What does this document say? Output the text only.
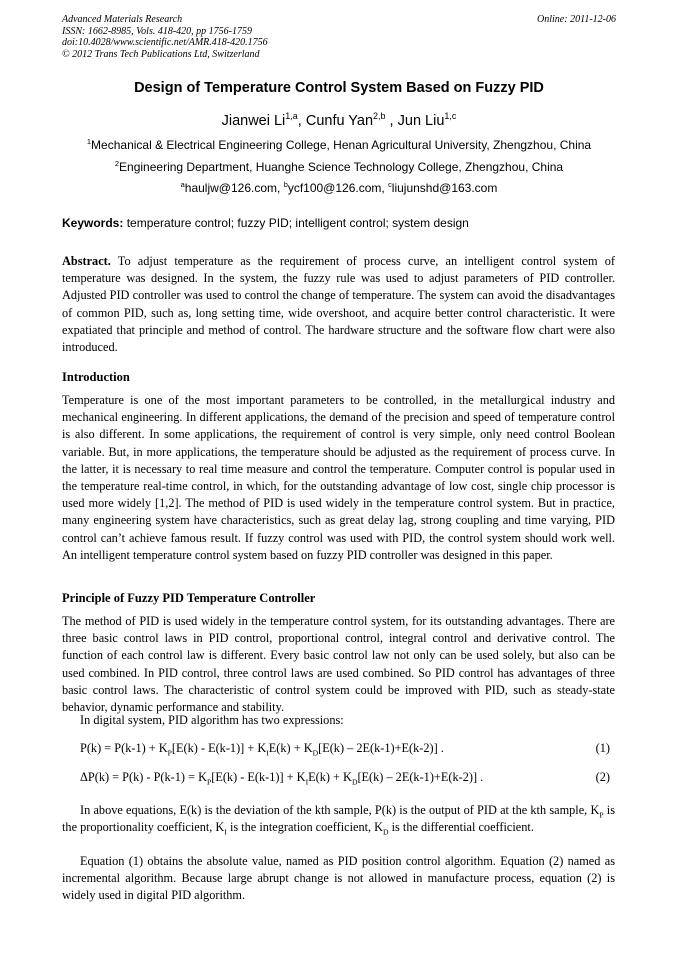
Advanced Materials Research
ISSN: 1662-8985, Vols. 418-420, pp 1756-1759
doi:10.4028/www.scientific.net/AMR.418-420.1756
© 2012 Trans Tech Publications Ltd, Switzerland
Online: 2011-12-06
Design of Temperature Control System Based on Fuzzy PID
Jianwei Li$^{1,a}$, Cunfu Yan$^{2,b}$ , Jun Liu$^{1,c}$
$^1$Mechanical & Electrical Engineering College, Henan Agricultural University, Zhengzhou, China
$^2$Engineering Department, Huanghe Science Technology College, Zhengzhou, China
$^a$hauljw@126.com, $^b$ycf100@126.com, $^c$liujunshd@163.com
Keywords: temperature control; fuzzy PID; intelligent control; system design
Abstract. To adjust temperature as the requirement of process curve, an intelligent control system of temperature was designed. In the system, the fuzzy rule was used to adjust parameters of PID controller. Adjusted PID controller was used to control the change of temperature. The system can avoid the disadvantages of common PID, such as, long setting time, wide overshoot, and acquire better control characteristic. It were expatiated that principle and method of control. The hardware structure and the software flow chart were also introduced.
Introduction
Temperature is one of the most important parameters to be controlled, in the metallurgical industry and mechanical engineering. In different applications, the demand of the precision and speed of temperature control is also different. In some applications, the requirement of control is very simple, only need control Boolean variable. But, in more applications, the temperature should be adjusted as the requirement of process curve. In the latter, it is necessary to real time measure and control the temperature. Computer control is popular used in the temperature real-time control, in which, for the outstanding advantage of low cost, single chip processor is used more widely [1,2]. The method of PID is used widely in the temperature control system. But in practice, many engineering system have characteristics, such as great delay lag, strong coupling and time varying, PID control can’t achieve famous result. If fuzzy control was used with PID, the control system should work well. An intelligent temperature control system based on fuzzy PID controller was designed in this paper.
Principle of Fuzzy PID Temperature Controller
The method of PID is used widely in the temperature control system, for its outstanding advantages. There are three basic control laws in PID control, proportional control, integral control and derivative control. The function of each control law is different. Every basic control law not only can be used solely, but also can be used combined. In PID control, three control laws are used combined. So PID control has advantages of three basic control laws. The characteristic of control system could be improved with PID, such as steady-state behavior, dynamic performance and stability.
In digital system, PID algorithm has two expressions:
$P(k) = P(k-1) + K_P[E(k) - E(k-1)] + K_IE(k) + K_D[E(k) - 2E(k-1)+E(k-2)]$ .	(1)
$\Delta P(k) = P(k) - P(k-1) = K_P[E(k) - E(k-1)] + K_IE(k) + K_D[E(k) - 2E(k-1)+E(k-2)]$ .	(2)
In above equations, E(k) is the deviation of the kth sample, P(k) is the output of PID at the kth sample, $K_P$ is the proportionality coefficient, $K_I$ is the integration coefficient, $K_D$ is the differential coefficient.
Equation (1) obtains the absolute value, named as PID position control algorithm. Equation (2) named as incremental algorithm. Because large abrupt change is not allowed in manufacture process, equation (2) is widely used in digital PID algorithm.
